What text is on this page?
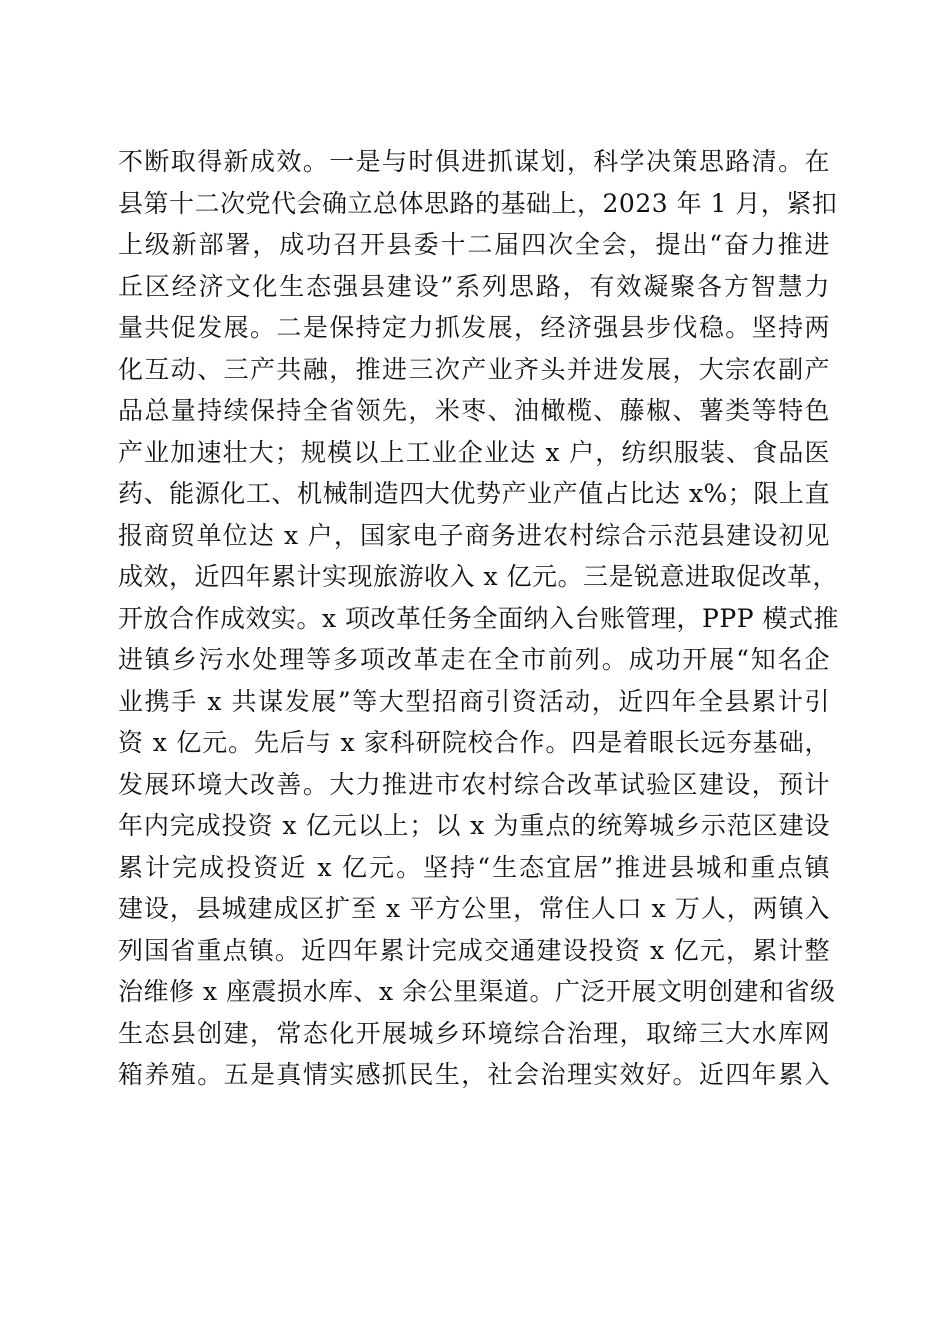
不断取得新成效。一是与时俱进抓谋划，科学决策思路清。在
县第十二次党代会确立总体思路的基础上，2023 年 1 月，紧扣
上级新部署，成功召开县委十二届四次全会，提出“奋力推进
丘区经济文化生态强县建设”系列思路，有效凝聚各方智慧力
量共促发展。二是保持定力抓发展，经济强县步伐稳。坚持两
化互动、三产共融，推进三次产业齐头并进发展，大宗农副产
品总量持续保持全省领先，米枣、油橄榄、藤椒、薯类等特色
产业加速壮大；规模以上工业企业达 x 户，纺织服装、食品医
药、能源化工、机械制造四大优势产业产值占比达 x%；限上直
报商贸单位达 x 户，国家电子商务进农村综合示范县建设初见
成效，近四年累计实现旅游收入 x 亿元。三是锐意进取促改革，
开放合作成效实。x 项改革任务全面纳入台账管理，PPP 模式推
进镇乡污水处理等多项改革走在全市前列。成功开展“知名企
业携手 x 共谋发展”等大型招商引资活动，近四年全县累计引
资 x 亿元。先后与 x 家科研院校合作。四是着眼长远夯基础，
发展环境大改善。大力推进市农村综合改革试验区建设，预计
年内完成投资 x 亿元以上；以 x 为重点的统筹城乡示范区建设
累计完成投资近 x 亿元。坚持“生态宜居”推进县城和重点镇
建设，县城建成区扩至 x 平方公里，常住人口 x 万人，两镇入
列国省重点镇。近四年累计完成交通建设投资 x 亿元，累计整
治维修 x 座震损水库、x 余公里渠道。广泛开展文明创建和省级
生态县创建，常态化开展城乡环境综合治理，取缔三大水库网
箱养殖。五是真情实感抓民生，社会治理实效好。近四年累入
